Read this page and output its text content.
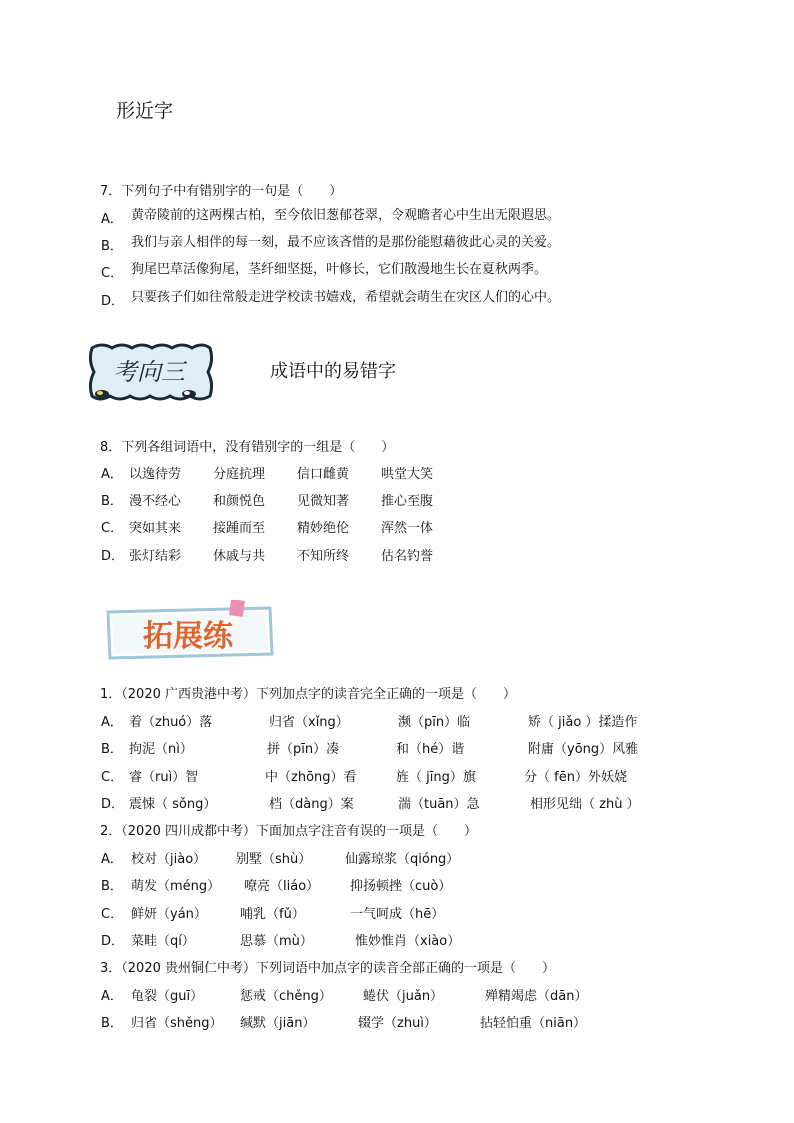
形近字
7．下列句子中有错别字的一句是（　　）
A． 黄帝陵前的这两棵古柏，至今依旧葱郁苍翠，令观瞻者心中生出无限遐思。
B． 我们与亲人相伴的每一刻，最不应该吝惜的是那份能慰藉彼此心灵的关爱。
C． 狗尾巴草活像狗尾，茎纤细坚挺，叶修长，它们散漫地生长在夏秋两季。
D． 只要孩子们如往常般走进学校读书嬉戏，希望就会萌生在灾区人们的心中。
考向三	成语中的易错字
8．下列各组词语中，没有错别字的一组是（　　）
A． 以逸待劳 分庭抗理 信口雌黄 哄堂大笑
B． 漫不经心 和颜悦色 见微知著 推心至腹
C． 突如其来 接踵而至 精妙绝伦 浑然一体
D． 张灯结彩 休戚与共 不知所终 估名钓誉
拓展练
1．（2020 广西贵港中考）下列加点字的读音完全正确的一项是（　　）
A． 着（zhuó）落	归省（xǐng）	濒（pīn）临	矫（ jiǎo ）揉造作
B． 拘泥（nì）	拼（pīn）凑	和（hé）谐	附庸（yōng）风雅
C． 睿（ruì）智	中（zhōng）看	旌（ jīng）旗	分（ fēn）外妖娆
D． 震悚（ sǒng）	档（dàng）案	湍（tuān）急	相形见绌（ zhù ）
2．（2020 四川成都中考）下面加点字注音有误的一项是（　　）
A． 校对（jiào） 别墅（shù）	仙露琼浆（qióng）
B． 萌发（méng） 嘹亮（liáo） 抑扬顿挫（cuò）
C． 鲜妍（yán）	哺乳（fǔ）	一气呵成（hē）
D． 菜畦（qí）	思慕（mù）	惟妙惟肖（xiào）
3．（2020 贵州铜仁中考）下列词语中加点字的读音全部正确的一项是（　　）
A． 龟裂（guī）	惩戒（chěng） 蜷伏（juǎn）	殚精竭虑（dān）
B． 归省（shěng） 缄默（jiān）	辍学（zhuì）	拈轻怕重（niān）
